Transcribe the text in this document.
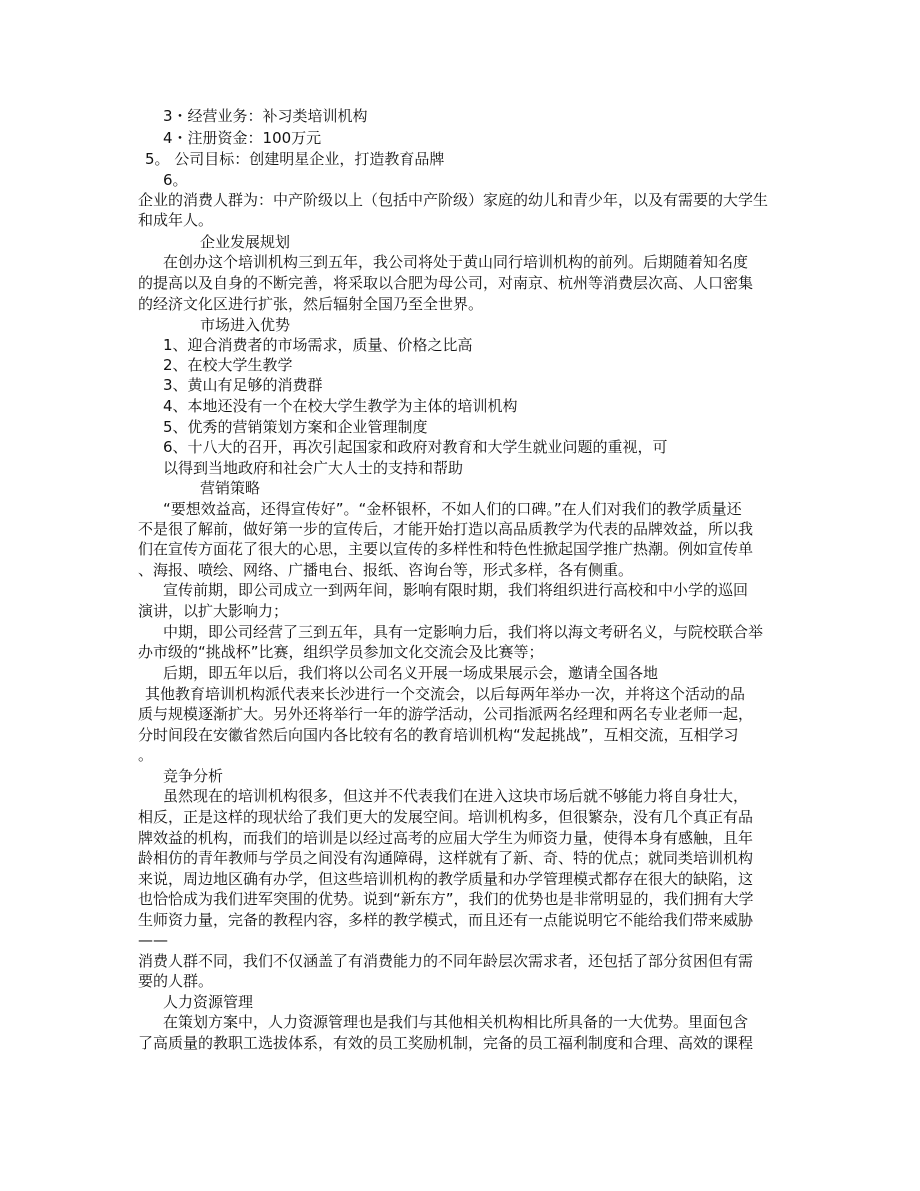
3・经营业务：补习类培训机构
4・注册资金：100万元
5。 公司目标：创建明星企业，打造教育品牌
6。
企业的消费人群为：中产阶级以上（包括中产阶级）家庭的幼儿和青少年，以及有需要的大学生
和成年人。
企业发展规划
在创办这个培训机构三到五年，我公司将处于黄山同行培训机构的前列。后期随着知名度
的提高以及自身的不断完善，将采取以合肥为母公司，对南京、杭州等消费层次高、人口密集
的经济文化区进行扩张，然后辐射全国乃至全世界。
市场进入优势
1、迎合消费者的市场需求，质量、价格之比高
2、在校大学生教学
3、黄山有足够的消费群
4、本地还没有一个在校大学生教学为主体的培训机构
5、优秀的营销策划方案和企业管理制度
6、十八大的召开，再次引起国家和政府对教育和大学生就业问题的重视，可
以得到当地政府和社会广大人士的支持和帮助
营销策略
“要想效益高，还得宣传好”。“金杯银杯，不如人们的口碑。”在人们对我们的教学质量还
不是很了解前，做好第一步的宣传后，才能开始打造以高品质教学为代表的品牌效益，所以我
们在宣传方面花了很大的心思，主要以宣传的多样性和特色性掀起国学推广热潮。例如宣传单
、海报、喷绘、网络、广播电台、报纸、咨询台等，形式多样，各有侧重。
宣传前期，即公司成立一到两年间，影响有限时期，我们将组织进行高校和中小学的巡回
演讲，以扩大影响力；
中期，即公司经营了三到五年，具有一定影响力后，我们将以海文考研名义，与院校联合举
办市级的“挑战杯”比赛，组织学员参加文化交流会及比赛等；
后期，即五年以后，我们将以公司名义开展一场成果展示会，邀请全国各地
其他教育培训机构派代表来长沙进行一个交流会，以后每两年举办一次，并将这个活动的品
质与规模逐渐扩大。另外还将举行一年的游学活动，公司指派两名经理和两名专业老师一起，
分时间段在安徽省然后向国内各比较有名的教育培训机构“发起挑战”，互相交流，互相学习
。
竞争分析
虽然现在的培训机构很多，但这并不代表我们在进入这块市场后就不够能力将自身壮大，
相反，正是这样的现状给了我们更大的发展空间。培训机构多，但很繁杂，没有几个真正有品
牌效益的机构，而我们的培训是以经过高考的应届大学生为师资力量，使得本身有感触，且年
龄相仿的青年教师与学员之间没有沟通障碍，这样就有了新、奇、特的优点；就同类培训机构
来说，周边地区确有办学，但这些培训机构的教学质量和办学管理模式都存在很大的缺陷，这
也恰恰成为我们进军突围的优势。说到“新东方”，我们的优势也是非常明显的，我们拥有大学
生师资力量，完备的教程内容，多样的教学模式，而且还有一点能说明它不能给我们带来威胁
——
消费人群不同，我们不仅涵盖了有消费能力的不同年龄层次需求者，还包括了部分贫困但有需
要的人群。
人力资源管理
在策划方案中，人力资源管理也是我们与其他相关机构相比所具备的一大优势。里面包含
了高质量的教职工选拔体系，有效的员工奖励机制，完备的员工福利制度和合理、高效的课程
